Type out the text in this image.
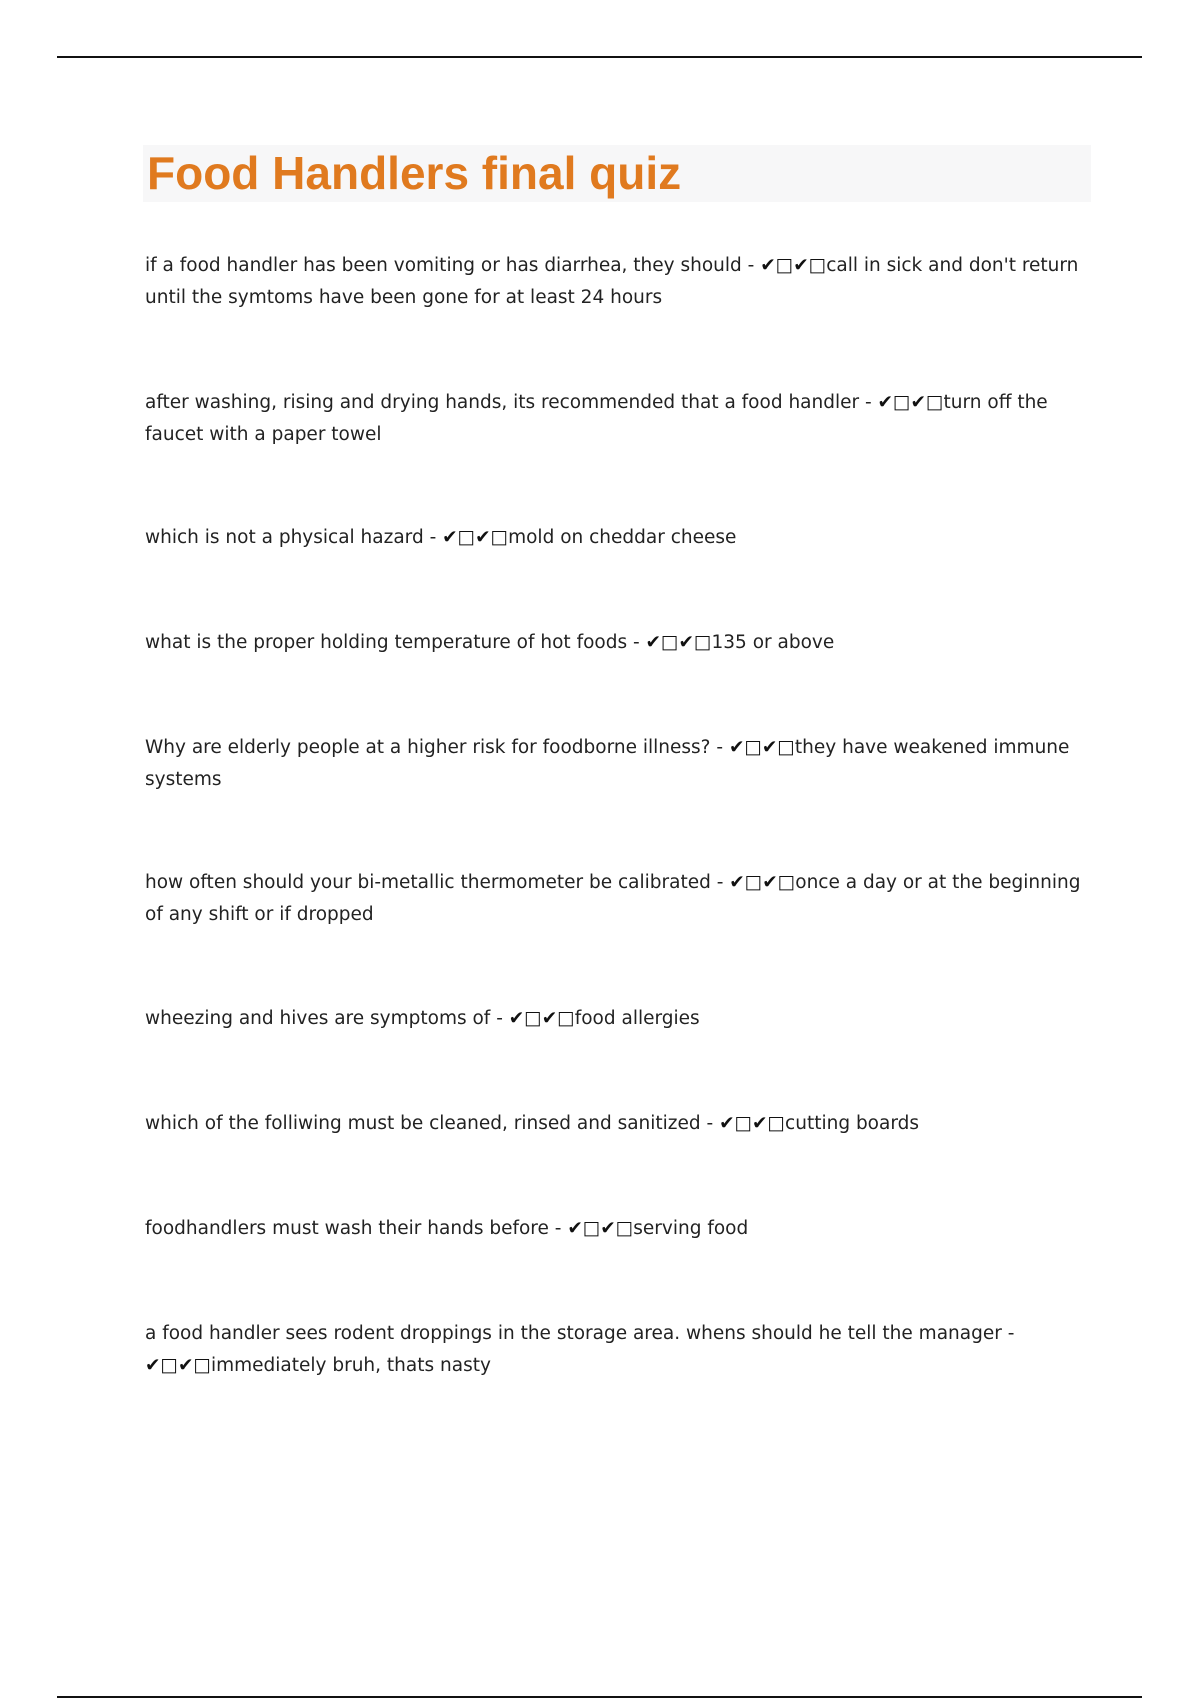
Food Handlers final quiz

if a food handler has been vomiting or has diarrhea, they should - ✔□✔□call in sick and don't return until the symtoms have been gone for at least 24 hours

after washing, rising and drying hands, its recommended that a food handler - ✔□✔□turn off the faucet with a paper towel

which is not a physical hazard - ✔□✔□mold on cheddar cheese

what is the proper holding temperature of hot foods - ✔□✔□135 or above

Why are elderly people at a higher risk for foodborne illness? - ✔□✔□they have weakened immune systems

how often should your bi-metallic thermometer be calibrated - ✔□✔□once a day or at the beginning of any shift or if dropped

wheezing and hives are symptoms of - ✔□✔□food allergies

which of the folliwing must be cleaned, rinsed and sanitized - ✔□✔□cutting boards

foodhandlers must wash their hands before - ✔□✔□serving food

a food handler sees rodent droppings in the storage area. whens should he tell the manager - ✔□✔□immediately bruh, thats nasty
